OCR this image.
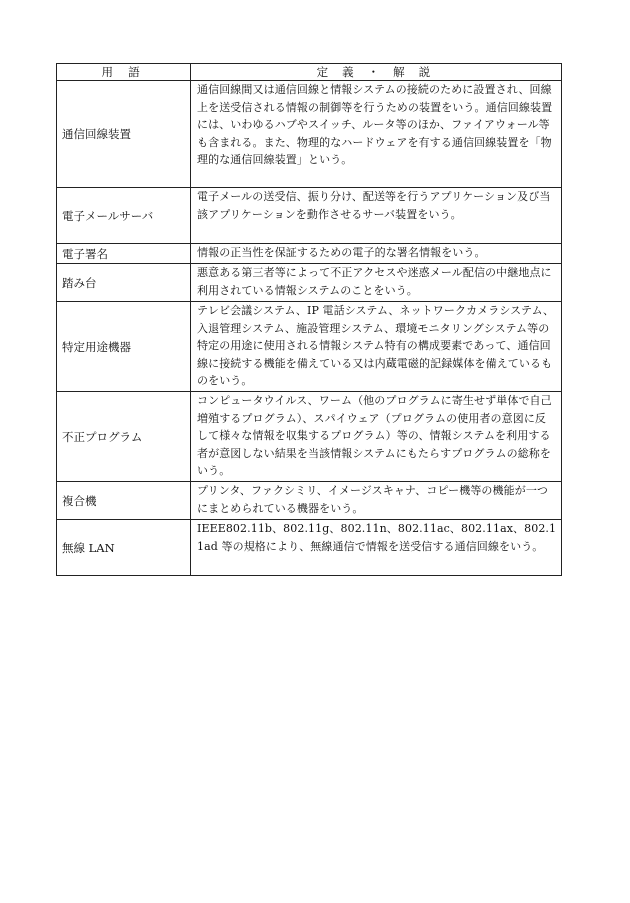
用 語	定 義 ・ 解 説
通信回線装置	通信回線間又は通信回線と情報システムの接続のために設置され、回線上を送受信される情報の制御等を行うための装置をいう。通信回線装置には、いわゆるハブやスイッチ、ルータ等のほか、ファイアウォール等も含まれる。また、物理的なハードウェアを有する通信回線装置を「物理的な通信回線装置」という。
電子メールサーバ	電子メールの送受信、振り分け、配送等を行うアプリケーション及び当該アプリケーションを動作させるサーバ装置をいう。
電子署名	情報の正当性を保証するための電子的な署名情報をいう。
踏み台	悪意ある第三者等によって不正アクセスや迷惑メール配信の中継地点に利用されている情報システムのことをいう。
特定用途機器	テレビ会議システム、IP 電話システム、ネットワークカメラシステム、入退管理システム、施設管理システム、環境モニタリングシステム等の特定の用途に使用される情報システム特有の構成要素であって、通信回線に接続する機能を備えている又は内蔵電磁的記録媒体を備えているものをいう。
不正プログラム	コンピュータウイルス、ワーム（他のプログラムに寄生せず単体で自己増殖するプログラム）、スパイウェア（プログラムの使用者の意図に反して様々な情報を収集するプログラム）等の、情報システムを利用する者が意図しない結果を当該情報システムにもたらすプログラムの総称をいう。
複合機	プリンタ、ファクシミリ、イメージスキャナ、コピー機等の機能が一つにまとめられている機器をいう。
無線 LAN	IEEE802.11b、802.11g、802.11n、802.11ac、802.11ax、802.11ad 等の規格により、無線通信で情報を送受信する通信回線をいう。
